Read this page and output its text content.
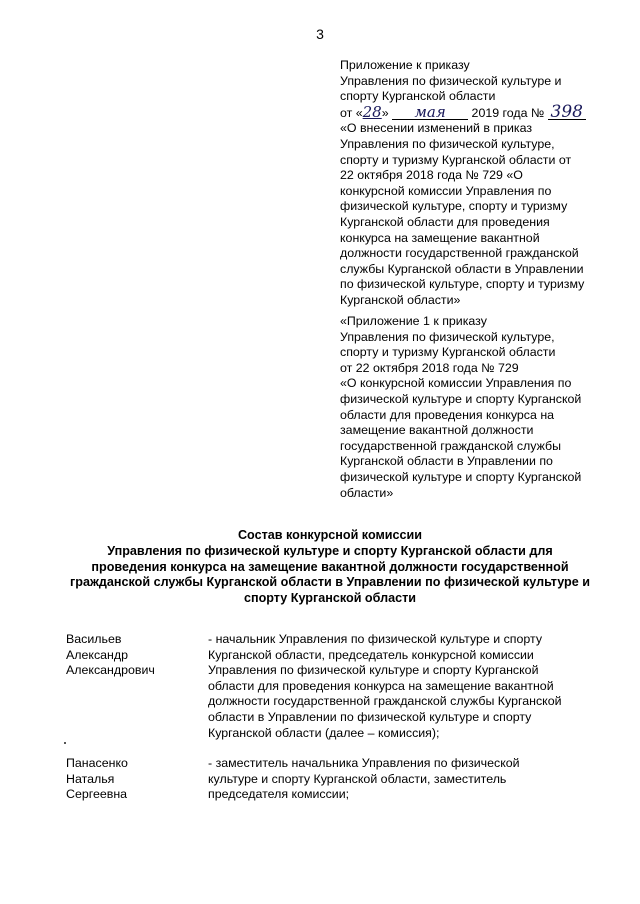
3
Приложение к приказу
Управления по физической культуре и
спорту Курганской области
от «28» мая 2019 года № 398
«О внесении изменений в приказ
Управления по физической культуре,
спорту и туризму Курганской области от
22 октября 2018 года № 729 «О
конкурсной комиссии Управления по
физической культуре, спорту и туризму
Курганской области для проведения
конкурса на замещение вакантной
должности государственной гражданской
службы Курганской области в Управлении
по физической культуре, спорту и туризму
Курганской области»
«Приложение 1 к приказу
Управления по физической культуре,
спорту и туризму Курганской области
от 22 октября 2018 года № 729
«О конкурсной комиссии Управления по
физической культуре и спорту Курганской
области для проведения конкурса на
замещение вакантной должности
государственной гражданской службы
Курганской области в Управлении по
физической культуре и спорту Курганской
области»
Состав конкурсной комиссии
Управления по физической культуре и спорту Курганской области для
проведения конкурса на замещение вакантной должности государственной
гражданской службы Курганской области в Управлении по физической культуре и
спорту Курганской области
Васильев
Александр
Александрович
- начальник Управления по физической культуре и спорту
Курганской области, председатель конкурсной комиссии
Управления по физической культуре и спорту Курганской
области для проведения конкурса на замещение вакантной
должности государственной гражданской службы Курганской
области в Управлении по физической культуре и спорту
Курганской области (далее – комиссия);
Панасенко
Наталья
Сергеевна
- заместитель начальника Управления по физической
культуре и спорту Курганской области, заместитель
председателя комиссии;
